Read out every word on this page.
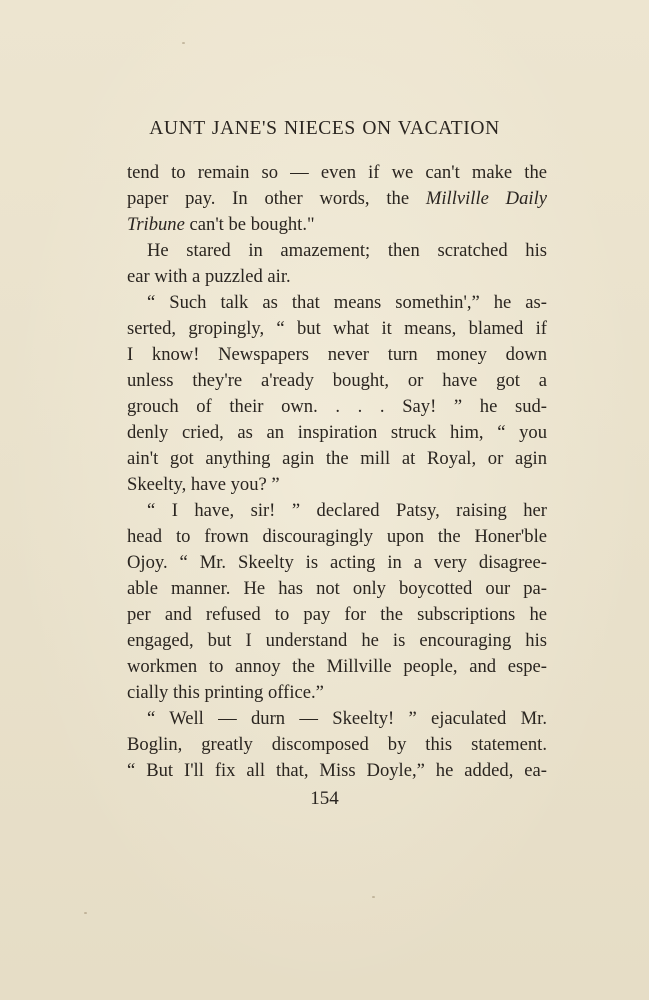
AUNT JANE'S NIECES ON VACATION
tend to remain so — even if we can't make the
paper pay. In other words, the Millville Daily
Tribune can't be bought."
He stared in amazement; then scratched his
ear with a puzzled air.
“ Such talk as that means somethin',” he as-
serted, gropingly, “ but what it means, blamed if
I know! Newspapers never turn money down
unless they're a'ready bought, or have got a
grouch of their own. . . . Say! ” he sud-
denly cried, as an inspiration struck him, “ you
ain't got anything agin the mill at Royal, or agin
Skeelty, have you? ”
“ I have, sir! ” declared Patsy, raising her
head to frown discouragingly upon the Honer'ble
Ojoy. “ Mr. Skeelty is acting in a very disagree-
able manner. He has not only boycotted our pa-
per and refused to pay for the subscriptions he
engaged, but I understand he is encouraging his
workmen to annoy the Millville people, and espe-
cially this printing office.”
“ Well — durn — Skeelty! ” ejaculated Mr.
Boglin, greatly discomposed by this statement.
“ But I'll fix all that, Miss Doyle,” he added, ea-
154
